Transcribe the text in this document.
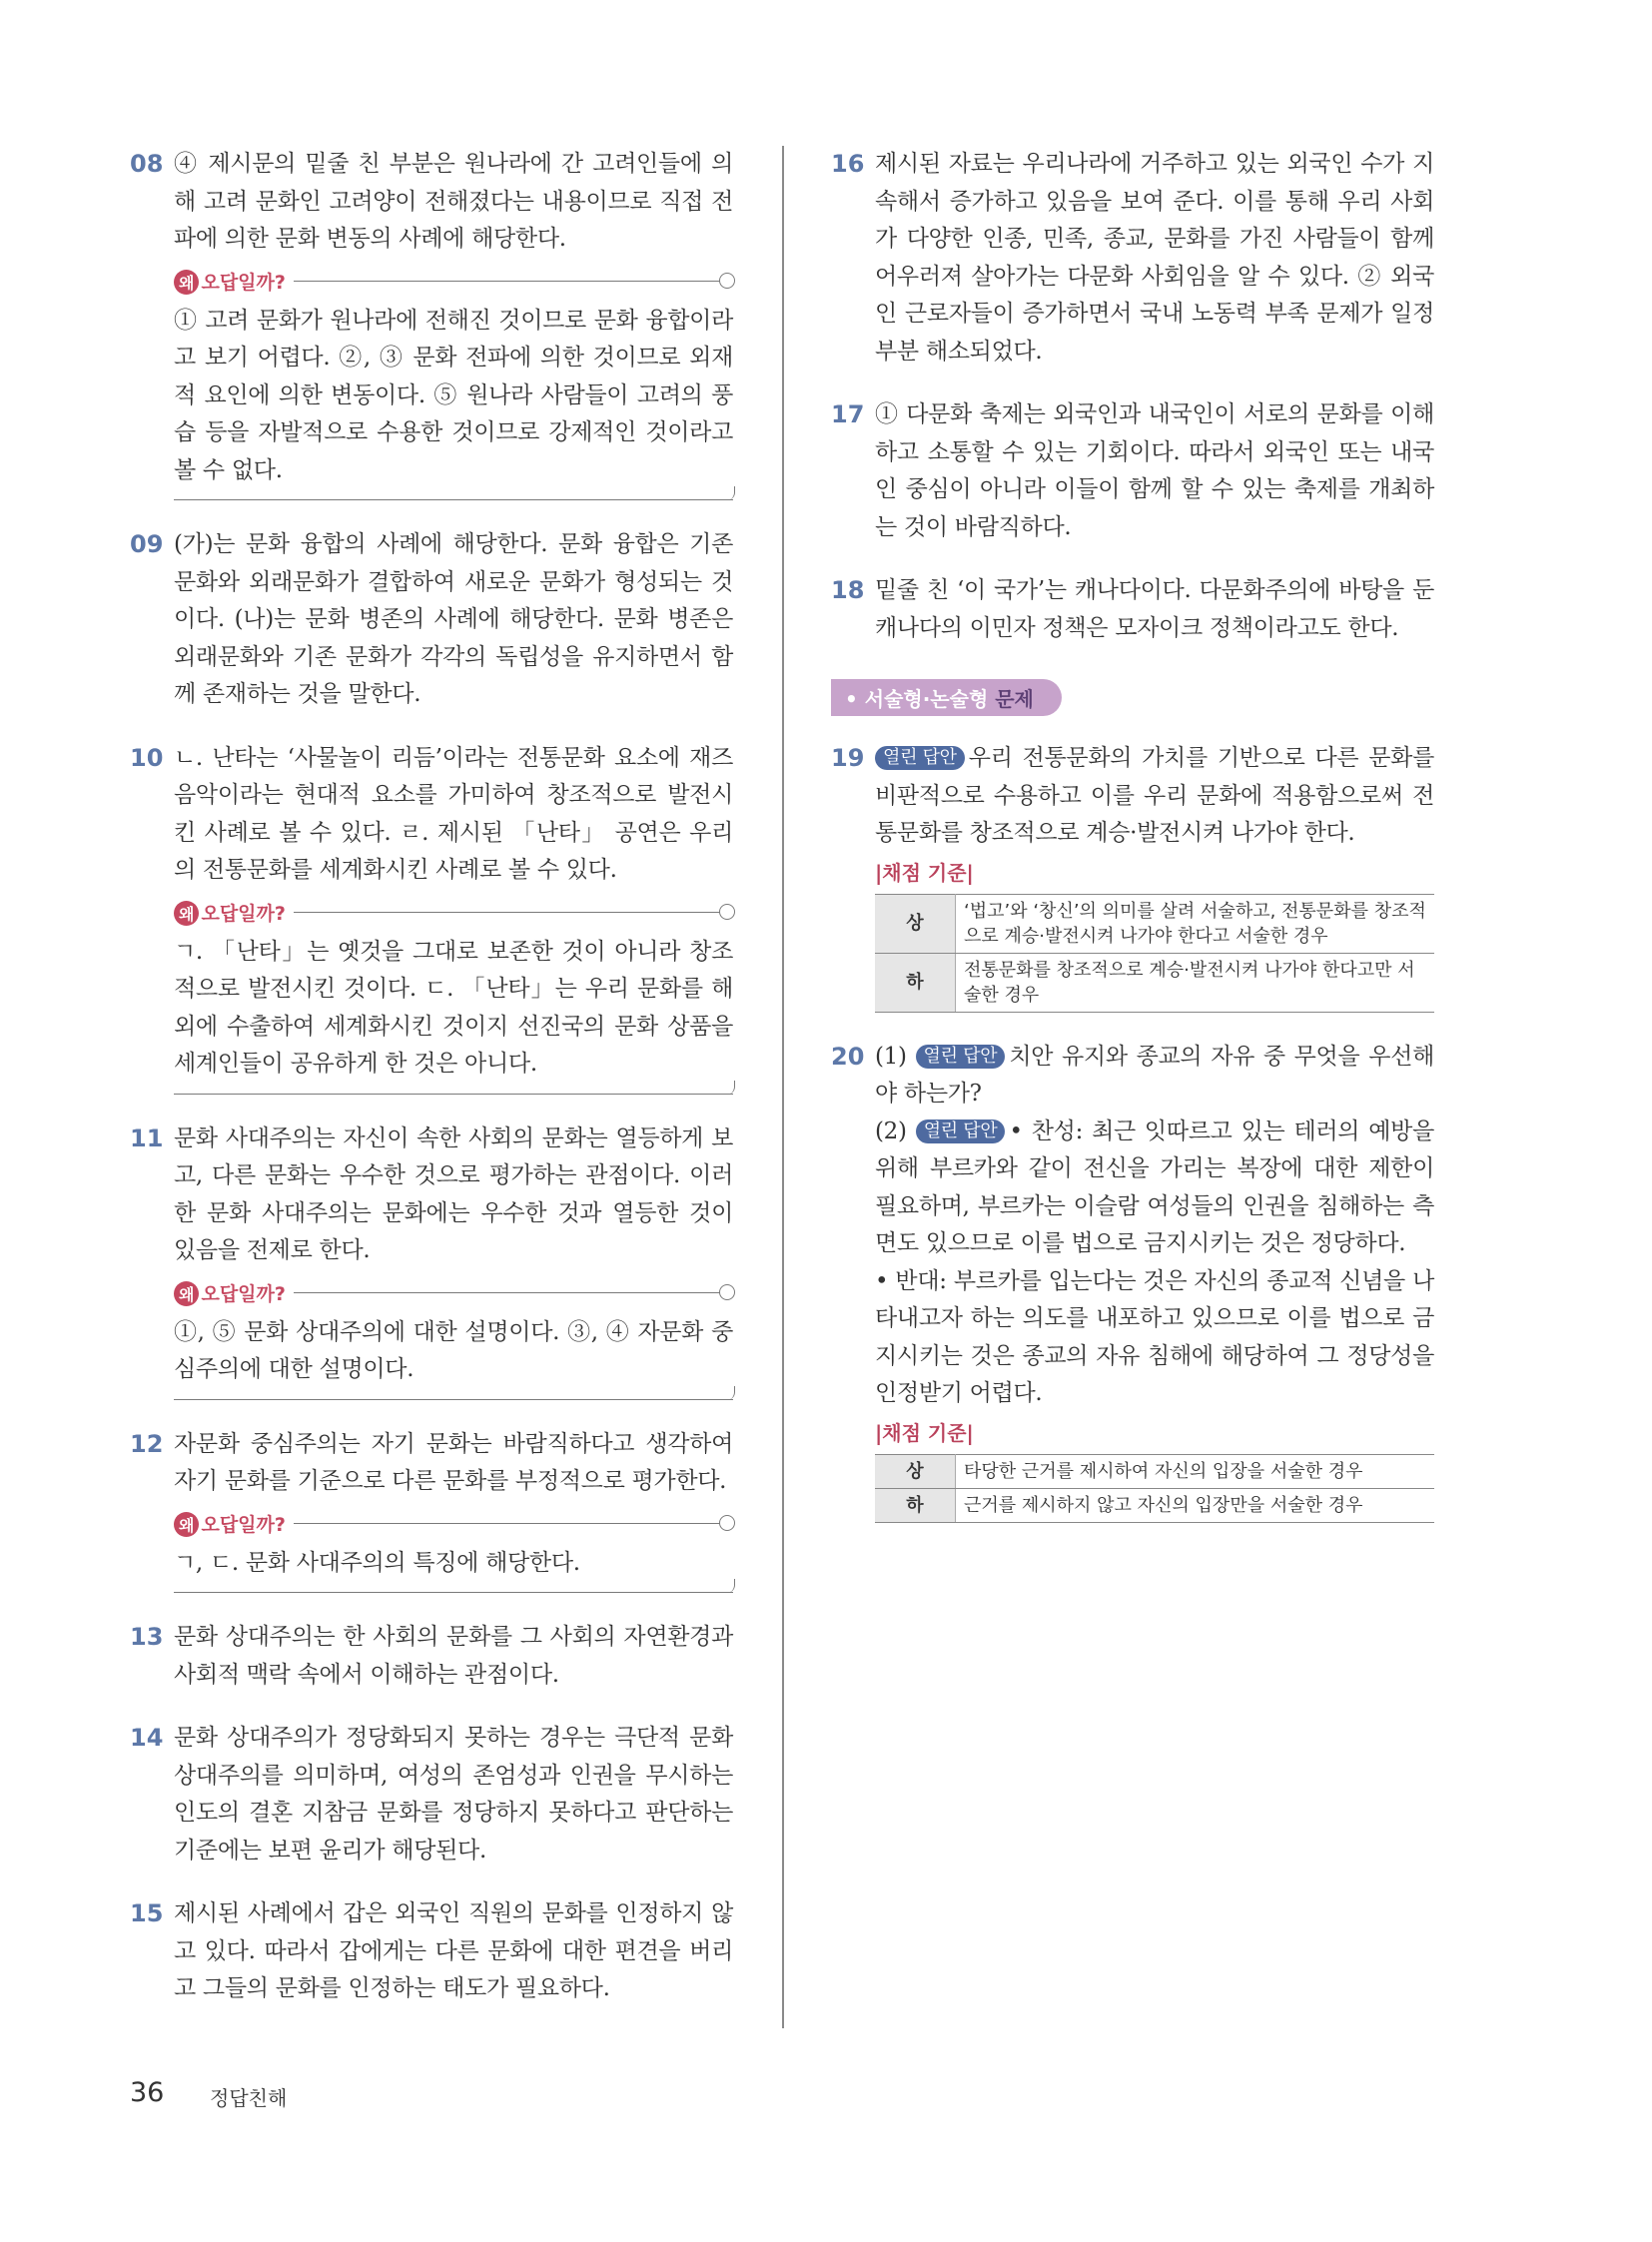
08 ④ 제시문의 밑줄 친 부분은 원나라에 간 고려인들에 의해 고려 문화인 고려양이 전해졌다는 내용이므로 직접 전파에 의한 문화 변동의 사례에 해당한다.

왜 오답일까?

① 고려 문화가 원나라에 전해진 것이므로 문화 융합이라고 보기 어렵다. ②, ③ 문화 전파에 의한 것이므로 외재적 요인에 의한 변동이다. ⑤ 원나라 사람들이 고려의 풍습 등을 자발적으로 수용한 것이므로 강제적인 것이라고 볼 수 없다.

09 (가)는 문화 융합의 사례에 해당한다. 문화 융합은 기존 문화와 외래문화가 결합하여 새로운 문화가 형성되는 것이다. (나)는 문화 병존의 사례에 해당한다. 문화 병존은 외래문화와 기존 문화가 각각의 독립성을 유지하면서 함께 존재하는 것을 말한다.

10 ㄴ. 난타는 ‘사물놀이 리듬’이라는 전통문화 요소에 재즈 음악이라는 현대적 요소를 가미하여 창조적으로 발전시킨 사례로 볼 수 있다. ㄹ. 제시된 「난타」 공연은 우리의 전통문화를 세계화시킨 사례로 볼 수 있다.

왜 오답일까?

ㄱ. 「난타」는 옛것을 그대로 보존한 것이 아니라 창조적으로 발전시킨 것이다. ㄷ. 「난타」는 우리 문화를 해외에 수출하여 세계화시킨 것이지 선진국의 문화 상품을 세계인들이 공유하게 한 것은 아니다.

11 문화 사대주의는 자신이 속한 사회의 문화는 열등하게 보고, 다른 문화는 우수한 것으로 평가하는 관점이다. 이러한 문화 사대주의는 문화에는 우수한 것과 열등한 것이 있음을 전제로 한다.

왜 오답일까?

①, ⑤ 문화 상대주의에 대한 설명이다. ③, ④ 자문화 중심주의에 대한 설명이다.

12 자문화 중심주의는 자기 문화는 바람직하다고 생각하여 자기 문화를 기준으로 다른 문화를 부정적으로 평가한다.

왜 오답일까?

ㄱ, ㄷ. 문화 사대주의의 특징에 해당한다.

13 문화 상대주의는 한 사회의 문화를 그 사회의 자연환경과 사회적 맥락 속에서 이해하는 관점이다.

14 문화 상대주의가 정당화되지 못하는 경우는 극단적 문화 상대주의를 의미하며, 여성의 존엄성과 인권을 무시하는 인도의 결혼 지참금 문화를 정당하지 못하다고 판단하는 기준에는 보편 윤리가 해당된다.

15 제시된 사례에서 갑은 외국인 직원의 문화를 인정하지 않고 있다. 따라서 갑에게는 다른 문화에 대한 편견을 버리고 그들의 문화를 인정하는 태도가 필요하다.

16 제시된 자료는 우리나라에 거주하고 있는 외국인 수가 지속해서 증가하고 있음을 보여 준다. 이를 통해 우리 사회가 다양한 인종, 민족, 종교, 문화를 가진 사람들이 함께 어우러져 살아가는 다문화 사회임을 알 수 있다. ② 외국인 근로자들이 증가하면서 국내 노동력 부족 문제가 일정 부분 해소되었다.

17 ① 다문화 축제는 외국인과 내국인이 서로의 문화를 이해하고 소통할 수 있는 기회이다. 따라서 외국인 또는 내국인 중심이 아니라 이들이 함께 할 수 있는 축제를 개최하는 것이 바람직하다.

18 밑줄 친 ‘이 국가’는 캐나다이다. 다문화주의에 바탕을 둔 캐나다의 이민자 정책은 모자이크 정책이라고도 한다.

• 서술형·논술형 문제
19	열린 답안 우리 전통문화의 가치를 기반으로 다른 문화를 비판적으로 수용하고 이를 우리 문화에 적용함으로써 전통문화를 창조적으로 계승·발전시켜 나가야 한다.

|채점 기준|
상	‘법고’와 ‘창신’의 의미를 살려 서술하고, 전통문화를 창조적으로 계승·발전시켜 나가야 한다고 서술한 경우
하	전통문화를 창조적으로 계승·발전시켜 나가야 한다고만 서술한 경우
20 (1) 열린 답안 치안 유지와 종교의 자유 중 무엇을 우선해야 하는가?

(2) 열린 답안 • 찬성: 최근 잇따르고 있는 테러의 예방을 위해 부르카와 같이 전신을 가리는 복장에 대한 제한이 필요하며, 부르카는 이슬람 여성들의 인권을 침해하는 측면도 있으므로 이를 법으로 금지시키는 것은 정당하다.

• 반대: 부르카를 입는다는 것은 자신의 종교적 신념을 나타내고자 하는 의도를 내포하고 있으므로 이를 법으로 금지시키는 것은 종교의 자유 침해에 해당하여 그 정당성을 인정받기 어렵다.

|채점 기준|
상	타당한 근거를 제시하여 자신의 입장을 서술한 경우
하	근거를 제시하지 않고 자신의 입장만을 서술한 경우
36 정답친해
